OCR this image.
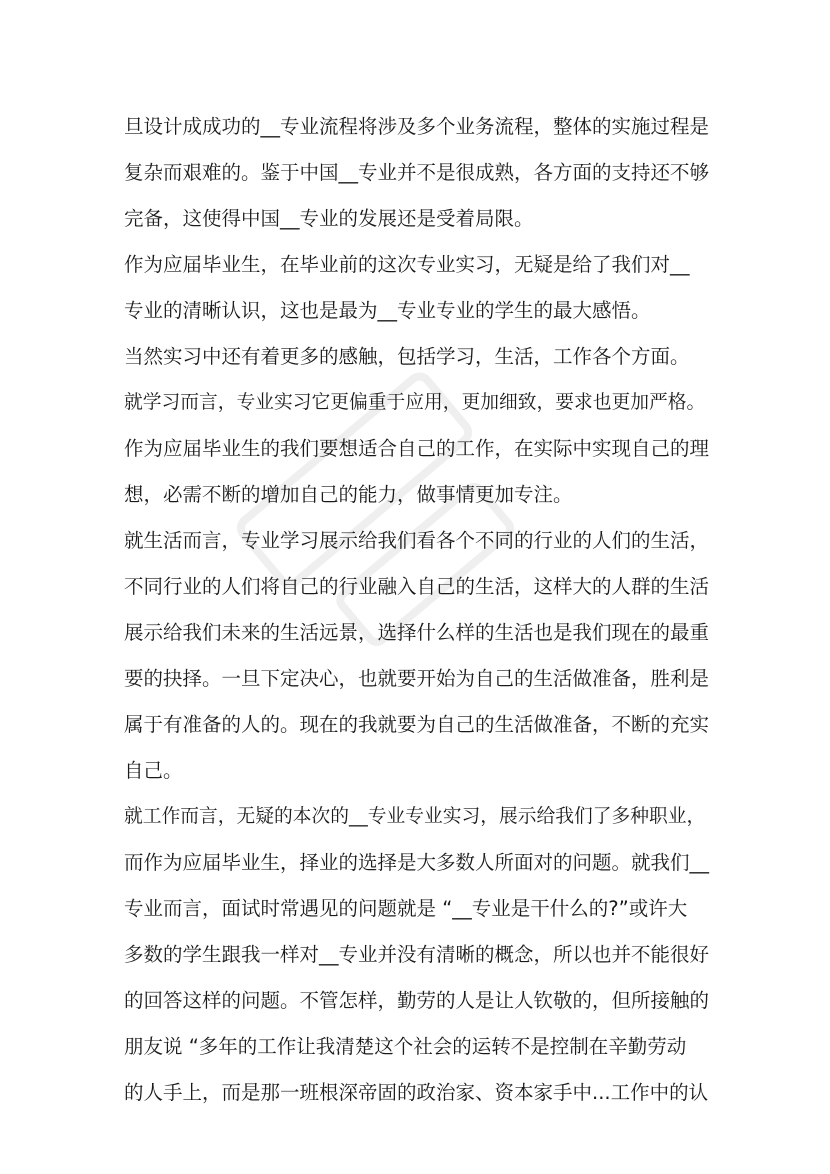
旦设计成成功的__专业流程将涉及多个业务流程，整体的实施过程是
复杂而艰难的。鉴于中国__专业并不是很成熟，各方面的支持还不够
完备，这使得中国__专业的发展还是受着局限。
作为应届毕业生，在毕业前的这次专业实习，无疑是给了我们对__
专业的清晰认识，这也是最为__专业专业的学生的最大感悟。
当然实习中还有着更多的感触，包括学习，生活，工作各个方面。
就学习而言，专业实习它更偏重于应用，更加细致，要求也更加严格。
作为应届毕业生的我们要想适合自己的工作，在实际中实现自己的理
想，必需不断的增加自己的能力，做事情更加专注。
就生活而言，专业学习展示给我们看各个不同的行业的人们的生活，
不同行业的人们将自己的行业融入自己的生活，这样大的人群的生活
展示给我们未来的生活远景，选择什么样的生活也是我们现在的最重
要的抉择。一旦下定决心，也就要开始为自己的生活做准备，胜利是
属于有准备的人的。现在的我就要为自己的生活做准备，不断的充实
自己。
就工作而言，无疑的本次的__专业专业实习，展示给我们了多种职业，
而作为应届毕业生，择业的选择是大多数人所面对的问题。就我们__
专业而言，面试时常遇见的问题就是 “__专业是干什么的?”或许大
多数的学生跟我一样对__专业并没有清晰的概念，所以也并不能很好
的回答这样的问题。不管怎样，勤劳的人是让人钦敬的，但所接触的
朋友说 “多年的工作让我清楚这个社会的运转不是控制在辛勤劳动
的人手上，而是那一班根深帝固的政治家、资本家手中...工作中的认
